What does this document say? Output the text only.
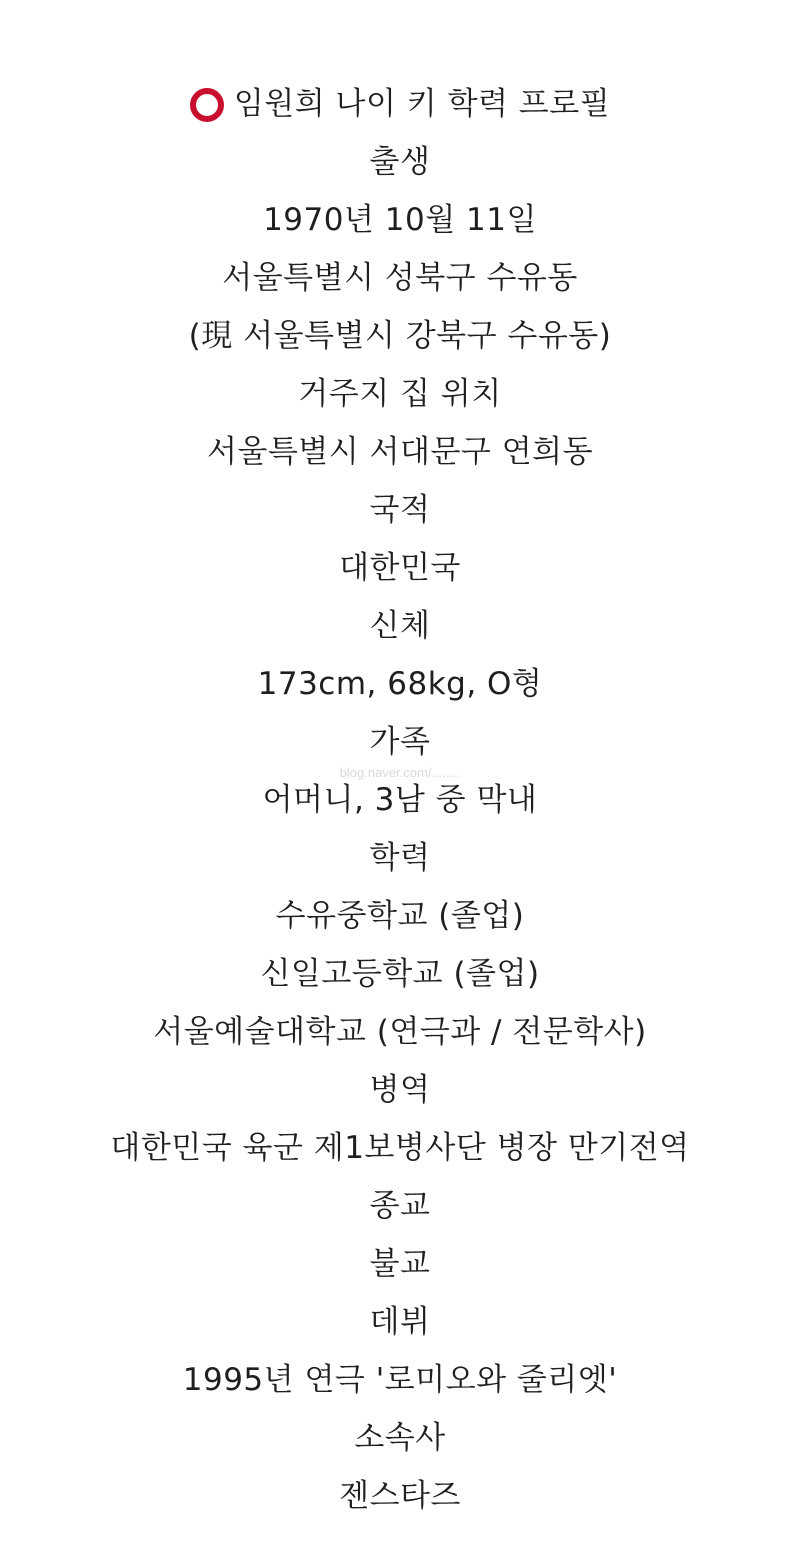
임원희 나이 키 학력 프로필
출생
1970년 10월 11일
서울특별시 성북구 수유동
(現 서울특별시 강북구 수유동)
거주지 집 위치
서울특별시 서대문구 연희동
국적
대한민국
신체
173cm, 68kg, O형
가족
어머니, 3남 중 막내
학력
수유중학교 (졸업)
신일고등학교 (졸업)
서울예술대학교 (연극과 / 전문학사)
병역
대한민국 육군 제1보병사단 병장 만기전역
종교
불교
데뷔
1995년 연극 '로미오와 줄리엣'
소속사
젠스타즈
blog.naver.com/........
